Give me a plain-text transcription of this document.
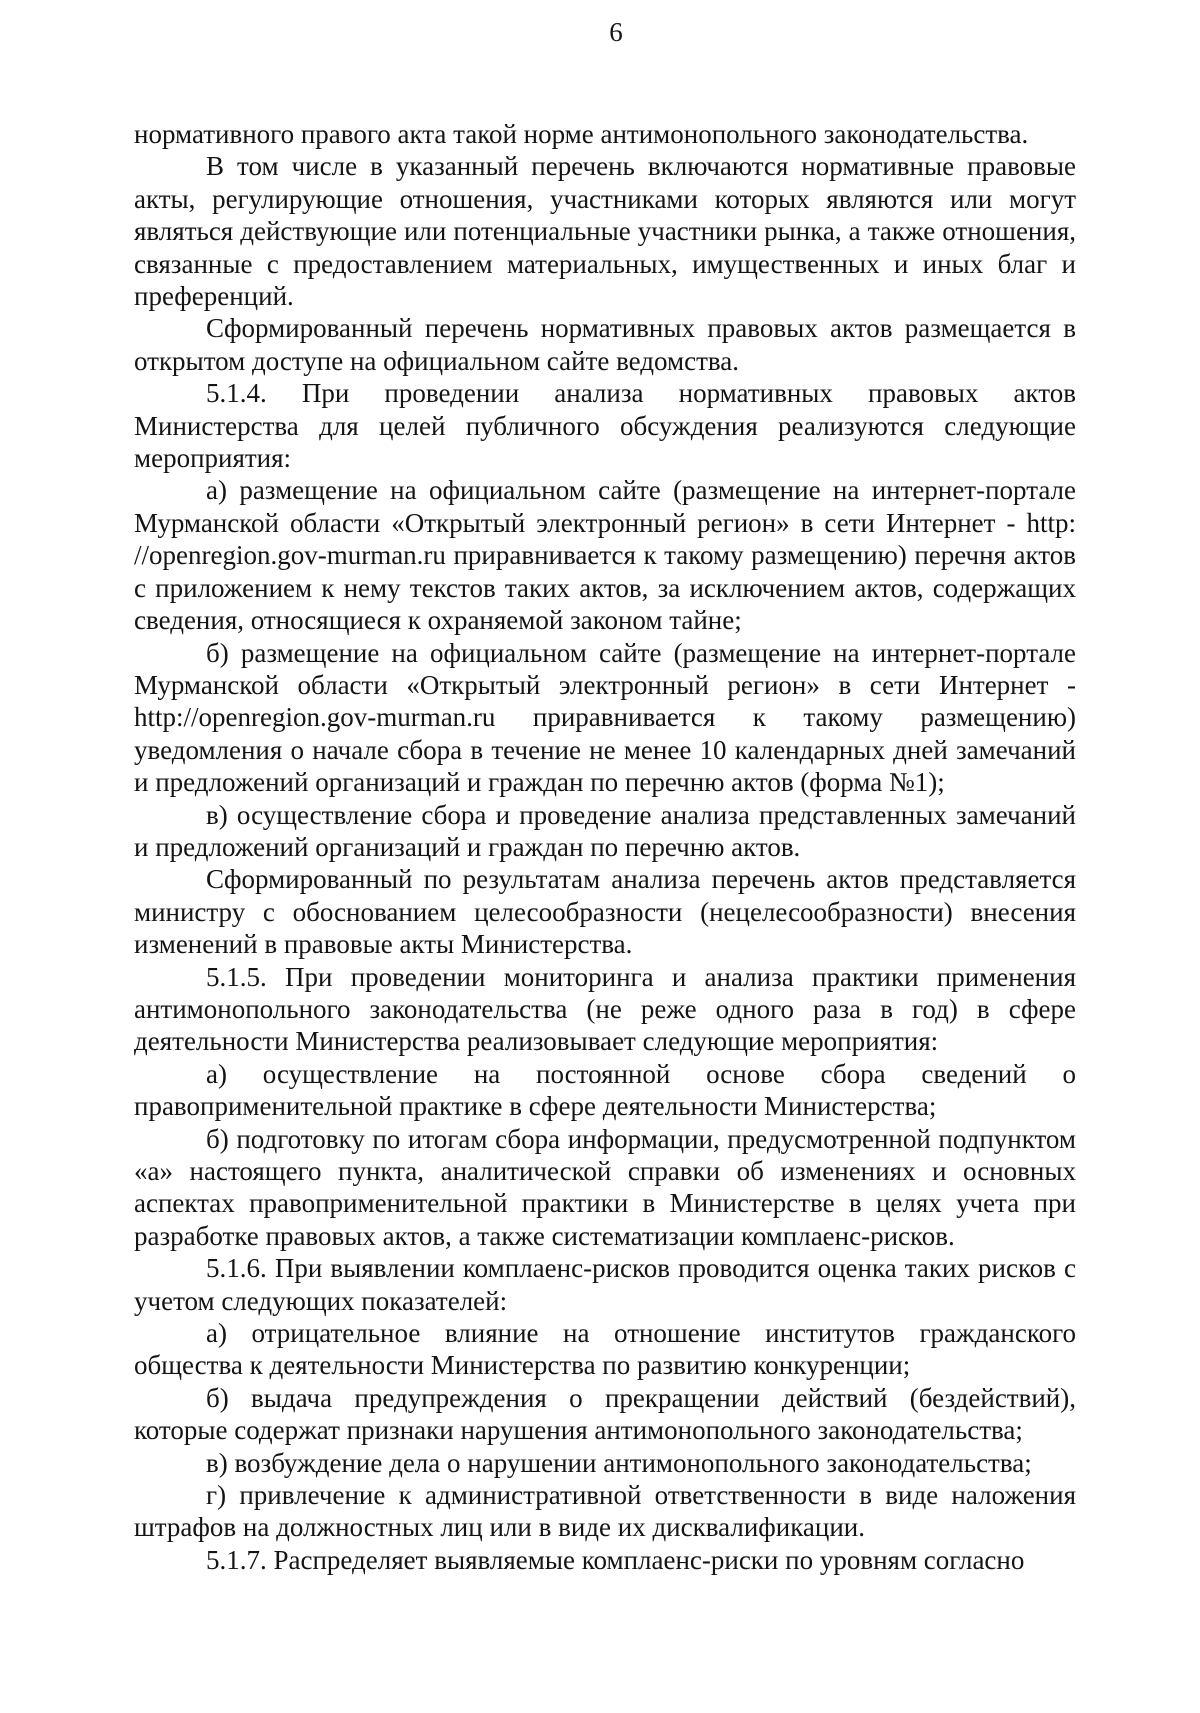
6

нормативного правого акта такой норме антимонопольного законодательства.

В том числе в указанный перечень включаются нормативные правовые акты, регулирующие отношения, участниками которых являются или могут являться действующие или потенциальные участники рынка, а также отношения, связанные с предоставлением материальных, имущественных и иных благ и преференций.

Сформированный перечень нормативных правовых актов размещается в открытом доступе на официальном сайте ведомства.

5.1.4. При проведении анализа нормативных правовых актов Министерства для целей публичного обсуждения реализуются следующие мероприятия:

а) размещение на официальном сайте (размещение на интернет-портале Мурманской области «Открытый электронный регион» в сети Интернет - http: //openregion.gov-murman.ru приравнивается к такому размещению) перечня актов с приложением к нему текстов таких актов, за исключением актов, содержащих сведения, относящиеся к охраняемой законом тайне;

б) размещение на официальном сайте (размещение на интернет-портале Мурманской области «Открытый электронный регион» в сети Интернет - http://openregion.gov-murman.ru приравнивается к такому размещению) уведомления о начале сбора в течение не менее 10 календарных дней замечаний и предложений организаций и граждан по перечню актов (форма №1);

в) осуществление сбора и проведение анализа представленных замечаний и предложений организаций и граждан по перечню актов.

Сформированный по результатам анализа перечень актов представляется министру с обоснованием целесообразности (нецелесообразности) внесения изменений в правовые акты Министерства.

5.1.5. При проведении мониторинга и анализа практики применения антимонопольного законодательства (не реже одного раза в год) в сфере деятельности Министерства реализовывает следующие мероприятия:

а) осуществление на постоянной основе сбора сведений о правоприменительной практике в сфере деятельности Министерства;

б) подготовку по итогам сбора информации, предусмотренной подпунктом «а» настоящего пункта, аналитической справки об изменениях и основных аспектах правоприменительной практики в Министерстве в целях учета при разработке правовых актов, а также систематизации комплаенс-рисков.

5.1.6. При выявлении комплаенс-рисков проводится оценка таких рисков с учетом следующих показателей:

а) отрицательное влияние на отношение институтов гражданского общества к деятельности Министерства по развитию конкуренции;

б) выдача предупреждения о прекращении действий (бездействий), которые содержат признаки нарушения антимонопольного законодательства;

в) возбуждение дела о нарушении антимонопольного законодательства;

г) привлечение к административной ответственности в виде наложения штрафов на должностных лиц или в виде их дисквалификации.

5.1.7. Распределяет выявляемые комплаенс-риски по уровням согласно
